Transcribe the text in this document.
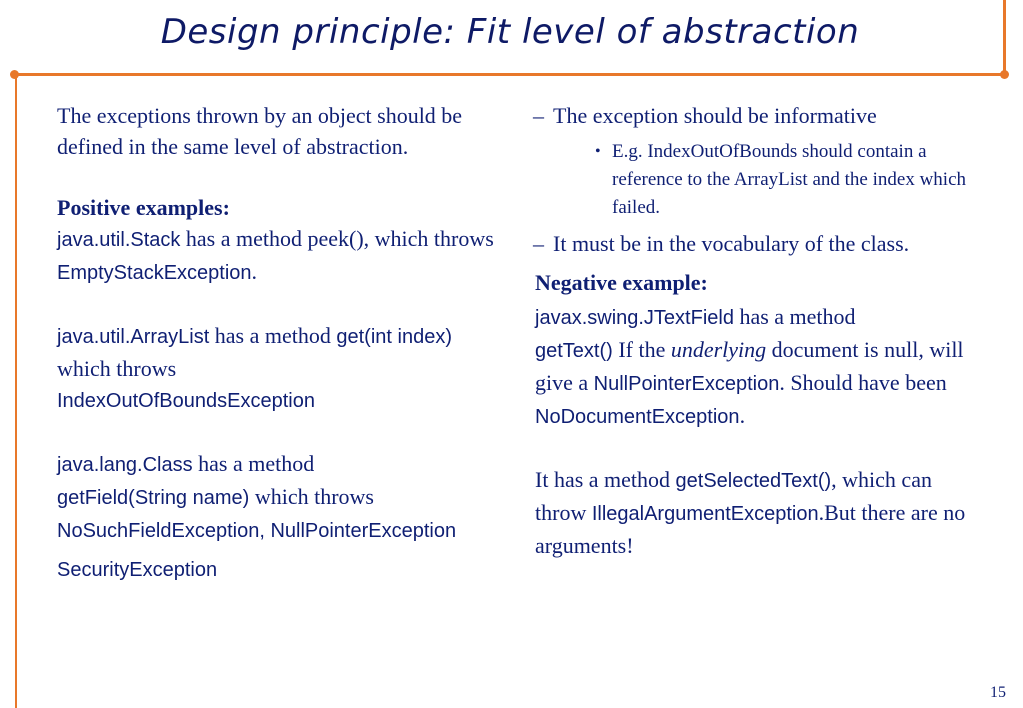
Design principle: Fit level of abstraction

The exceptions thrown by an object should be defined in the same level of abstraction.

Positive examples:

java.util.Stack has a method peek(), which throws EmptyStackException.

java.util.ArrayList has a method get(int index) which throws
IndexOutOfBoundsException

java.lang.Class has a method
getField(String name) which throws
NoSuchFieldException, NullPointerException

SecurityException

– The exception should be informative
• E.g. IndexOutOfBounds should contain a reference to the ArrayList and the index which failed.
– It must be in the vocabulary of the class.

Negative example:

javax.swing.JTextField has a method
getText() If the underlying document is null, will give a NullPointerException. Should have been NoDocumentException.

It has a method getSelectedText(), which can throw IllegalArgumentException.But there are no arguments!

15
